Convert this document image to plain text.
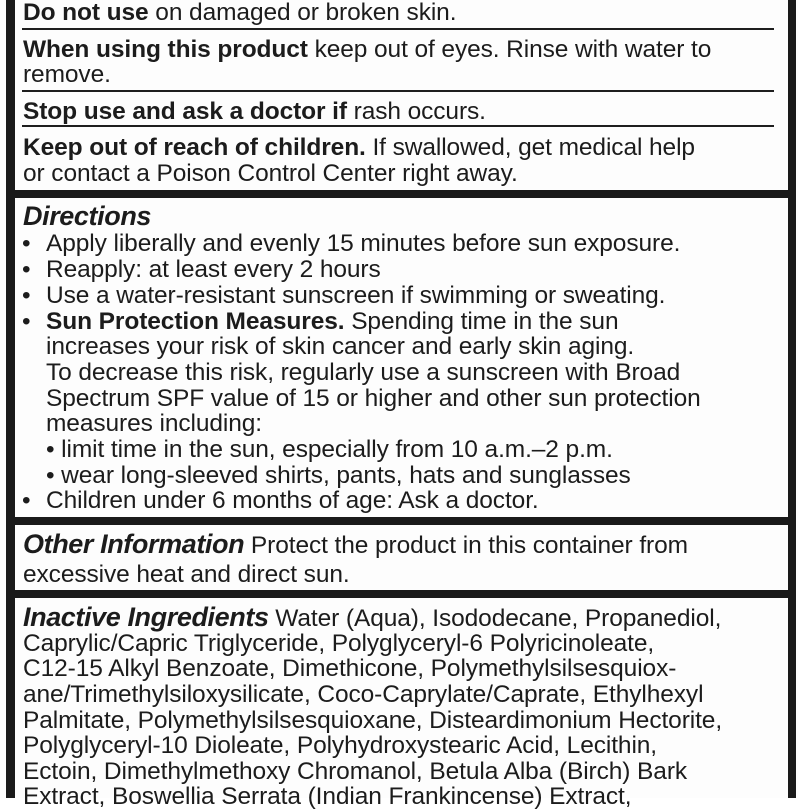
Do not use on damaged or broken skin.
When using this product keep out of eyes. Rinse with water to
remove.
Stop use and ask a doctor if rash occurs.
Keep out of reach of children. If swallowed, get medical help
or contact a Poison Control Center right away.
Directions
• Apply liberally and evenly 15 minutes before sun exposure.
• Reapply: at least every 2 hours
• Use a water-resistant sunscreen if swimming or sweating.
• Sun Protection Measures. Spending time in the sun
increases your risk of skin cancer and early skin aging.
To decrease this risk, regularly use a sunscreen with Broad
Spectrum SPF value of 15 or higher and other sun protection
measures including:
• limit time in the sun, especially from 10 a.m.–2 p.m.
• wear long-sleeved shirts, pants, hats and sunglasses
• Children under 6 months of age: Ask a doctor.
Other Information Protect the product in this container from
excessive heat and direct sun.
Inactive Ingredients Water (Aqua), Isododecane, Propanediol,
Caprylic/Capric Triglyceride, Polyglyceryl-6 Polyricinoleate,
C12-15 Alkyl Benzoate, Dimethicone, Polymethylsilsesquiox-
ane/Trimethylsiloxysilicate, Coco-Caprylate/Caprate, Ethylhexyl
Palmitate, Polymethylsilsesquioxane, Disteardimonium Hectorite,
Polyglyceryl-10 Dioleate, Polyhydroxystearic Acid, Lecithin,
Ectoin, Dimethylmethoxy Chromanol, Betula Alba (Birch) Bark
Extract, Boswellia Serrata (Indian Frankincense) Extract,
